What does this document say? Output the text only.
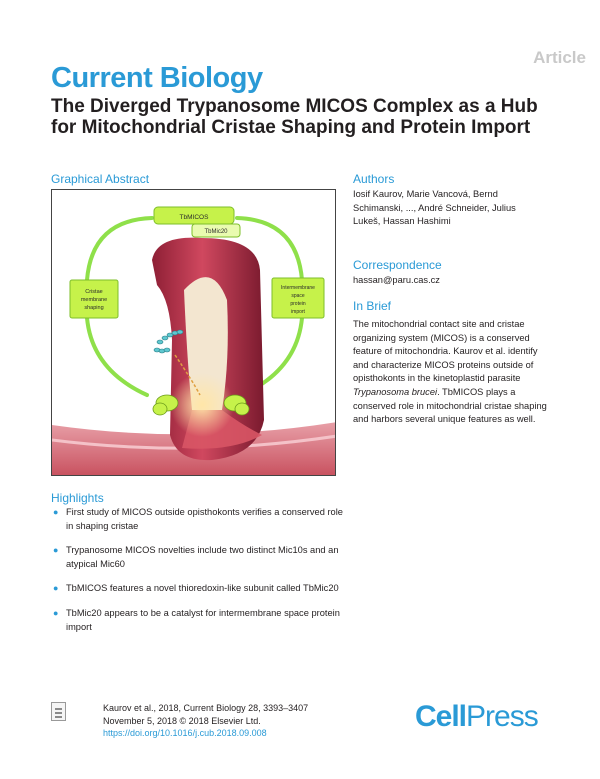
Article
Current Biology
The Diverged Trypanosome MICOS Complex as a Hub for Mitochondrial Cristae Shaping and Protein Import
Graphical Abstract
TbMICOS
TbMic20
Cristae
membrane
shaping
Intermembrane
space
protein
import
Authors
Iosif Kaurov, Marie Vancová, Bernd Schimanski, ..., André Schneider, Julius Lukeš, Hassan Hashimi
Correspondence
hassan@paru.cas.cz
In Brief
The mitochondrial contact site and cristae organizing system (MICOS) is a conserved feature of mitochondria. Kaurov et al. identify and characterize MICOS proteins outside of opisthokonts in the kinetoplastid parasite Trypanosoma brucei. TbMICOS plays a conserved role in mitochondrial cristae shaping and harbors several unique features as well.
Highlights
● First study of MICOS outside opisthokonts verifies a conserved role in shaping cristae
● Trypanosome MICOS novelties include two distinct Mic10s and an atypical Mic60
● TbMICOS features a novel thioredoxin-like subunit called TbMic20
● TbMic20 appears to be a catalyst for intermembrane space protein import
Kaurov et al., 2018, Current Biology 28, 3393–3407
November 5, 2018 © 2018 Elsevier Ltd.
https://doi.org/10.1016/j.cub.2018.09.008	CellPress
